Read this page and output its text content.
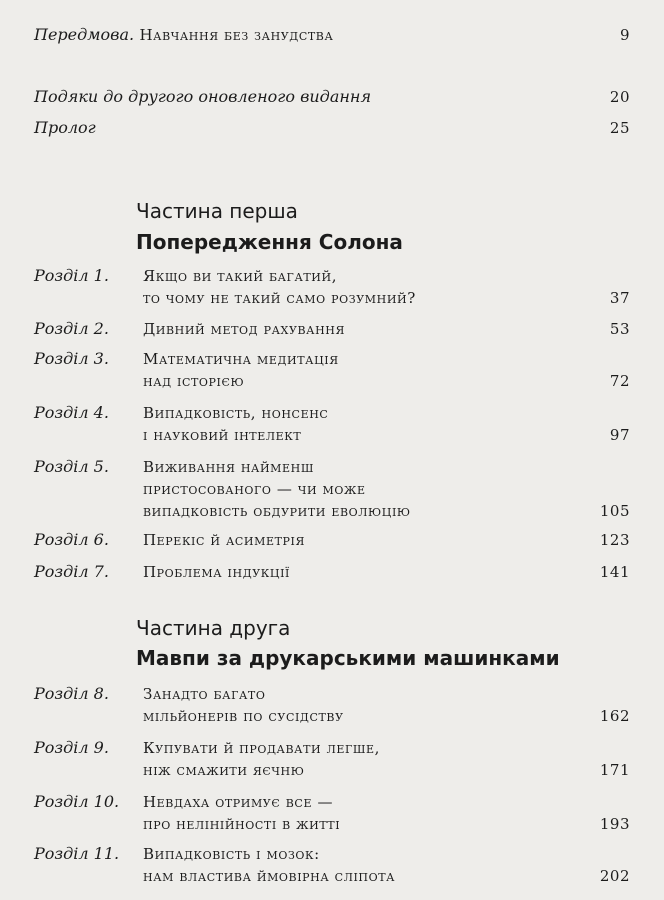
Передмова. Навчання без занудства	9
Подяки до другого оновленого видання	20
Пролог	25
Частина перша
Попередження Солона
Розділ 1. Якщо ви такий багатий,
то чому не такий само розумний?	37
Розділ 2. Дивний метод рахування	53
Розділ 3. Математична медитація
над історією	72
Розділ 4. Випадковість, нонсенс
і науковий інтелект	97
Розділ 5. Виживання найменш
пристосованого — чи може
випадковість обдурити еволюцію	105
Розділ 6. Перекіс й асиметрія	123
Розділ 7. Проблема індукції	141
Частина друга
Мавпи за друкарськими машинками
Розділ 8. Занадто багато
мільйонерів по сусідству	162
Розділ 9. Купувати й продавати легше,
ніж смажити яєчню	171
Розділ 10. Невдаха отримує все —
про нелінійності в житті	193
Розділ 11. Випадковість і мозок:
нам властива ймовірна сліпота	202
